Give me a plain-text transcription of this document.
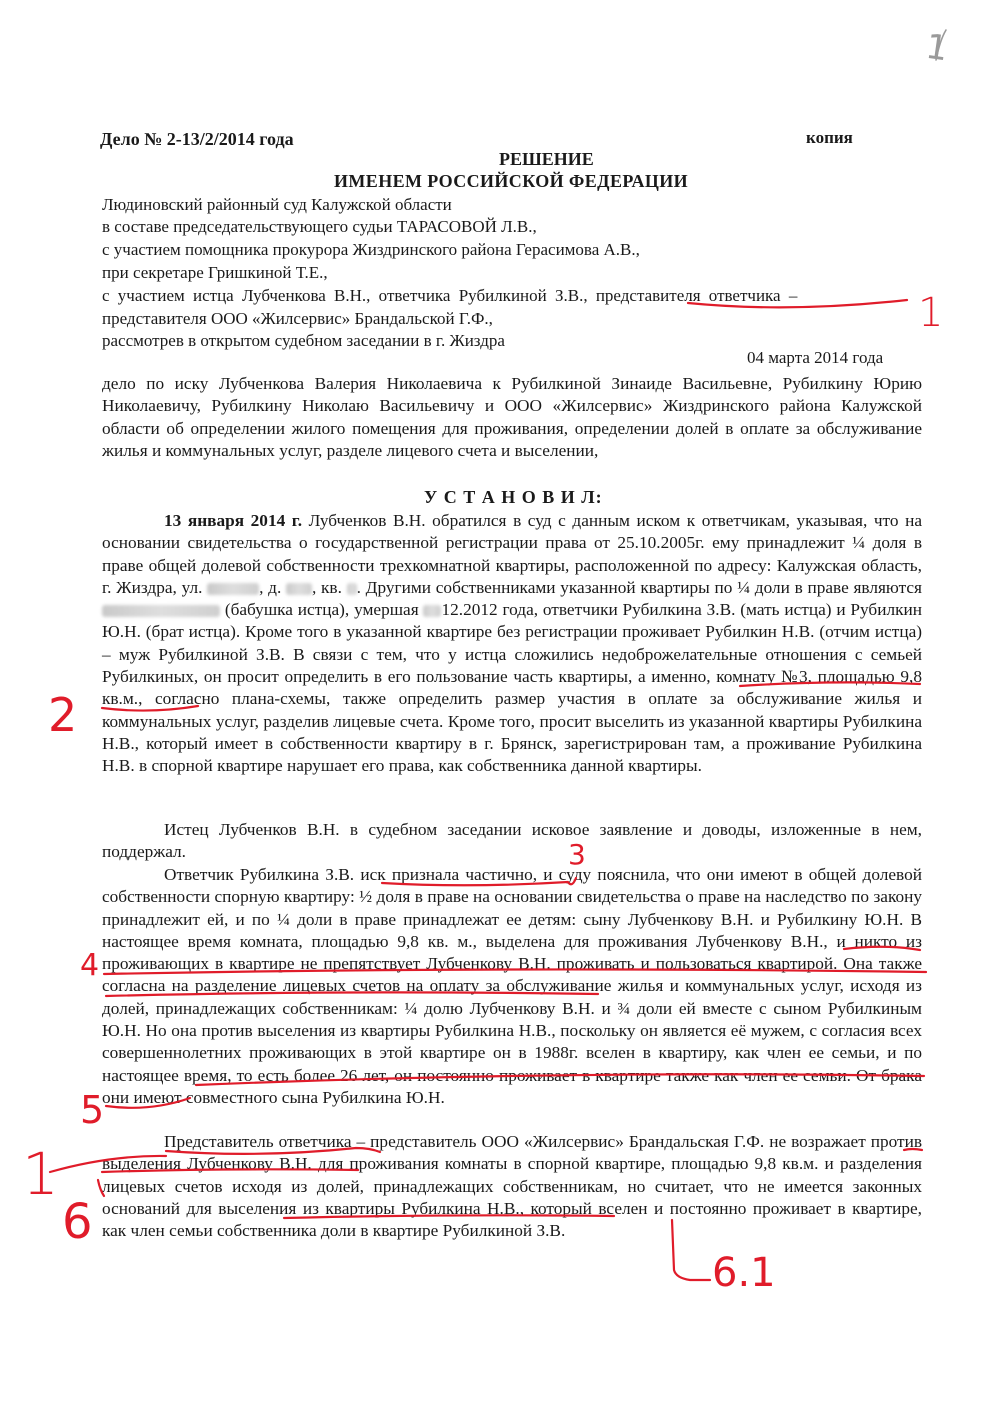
1
Дело № 2-13/2/2014 года	копия
РЕШЕНИЕ
ИМЕНЕМ РОССИЙСКОЙ ФЕДЕРАЦИИ
Людиновский районный суд Калужской области
в составе председательствующего судьи ТАРАСОВОЙ Л.В.,
с участием помощника прокурора Жиздринского района Герасимова А.В.,
при секретаре Гришкиной Т.Е.,
с участием истца Лубченкова В.Н., ответчика Рубилкиной З.В., представителя ответчика –
представителя ООО «Жилсервис» Брандальской Г.Ф.,
рассмотрев в открытом судебном заседании в г. Жиздра
04 марта 2014 года
дело по иску Лубченкова Валерия Николаевича к Рубилкиной Зинаиде Васильевне, Рубилкину Юрию Николаевичу, Рубилкину Николаю Васильевичу и ООО «Жилсервис» Жиздринского района Калужской области об определении жилого помещения для проживания, определении долей в оплате за обслуживание жилья и коммунальных услуг, разделе лицевого счета и выселении,
У С Т А Н О В И Л:
13 января 2014 г. Лубченков В.Н. обратился в суд с данным иском к ответчикам, указывая, что на основании свидетельства о государственной регистрации права от 25.10.2005г. ему принадлежит ¼ доля в праве общей долевой собственности трехкомнатной квартиры, расположенной по адресу: Калужская область, г. Жиздра, ул.	, д. , кв. . Другими собственниками указанной квартиры по ¼ доли в праве являются  (бабушка истца), умершая 12.2012 года, ответчики Рубилкина З.В. (мать истца) и Рубилкин Ю.Н. (брат истца). Кроме того в указанной квартире без регистрации проживает Рубилкин Н.В. (отчим истца) – муж Рубилкиной З.В. В связи с тем, что у истца сложились недоброжелательные отношения с семьей Рубилкиных, он просит определить в его пользование часть квартиры, а именно, комнату №3, площадью 9,8 кв.м., согласно плана-схемы, также определить размер участия в оплате за обслуживание жилья и коммунальных услуг, разделив лицевые счета. Кроме того, просит выселить из указанной квартиры Рубилкина Н.В., который имеет в собственности квартиру в г. Брянск, зарегистрирован там, а проживание Рубилкина Н.В. в спорной квартире нарушает его права, как собственника данной квартиры.
Истец Лубченков В.Н. в судебном заседании исковое заявление и доводы, изложенные в нем, поддержал.
Ответчик Рубилкина З.В. иск признала частично, и суду пояснила, что они имеют в общей долевой собственности спорную квартиру: ½ доля в праве на основании свидетельства о праве на наследство по закону принадлежит ей, и по ¼ доли в праве принадлежат ее детям: сыну Лубченкову В.Н. и Рубилкину Ю.Н. В настоящее время комната, площадью 9,8 кв. м., выделена для проживания Лубченкову В.Н., и никто из проживающих в квартире не препятствует Лубченкову В.Н. проживать и пользоваться квартирой. Она также согласна на разделение лицевых счетов на оплату за обслуживание жилья и коммунальных услуг, исходя из долей, принадлежащих собственникам: ¼ долю Лубченкову В.Н. и ¾ доли ей вместе с сыном Рубилкиным Ю.Н. Но она против выселения из квартиры Рубилкина Н.В., поскольку он является её мужем, с согласия всех совершеннолетних проживающих в этой квартире он в 1988г. вселен в квартиру, как член ее семьи, и по настоящее время, то есть более 26 лет, он постоянно проживает в квартире также как член ее семьи. От брака они имеют совместного сына Рубилкина Ю.Н.
Представитель ответчика – представитель ООО «Жилсервис» Брандальская Г.Ф. не возражает против выделения Лубченкову В.Н. для проживания комнаты в спорной квартире, площадью 9,8 кв.м. и разделения лицевых счетов исходя из долей, принадлежащих собственникам, но считает, что не имеется законных оснований для выселения из квартиры Рубилкина Н.В., который вселен и постоянно проживает в квартире, как член семьи собственника доли в квартире Рубилкиной З.В.
1
2
3
4
5
1
6
6.1
